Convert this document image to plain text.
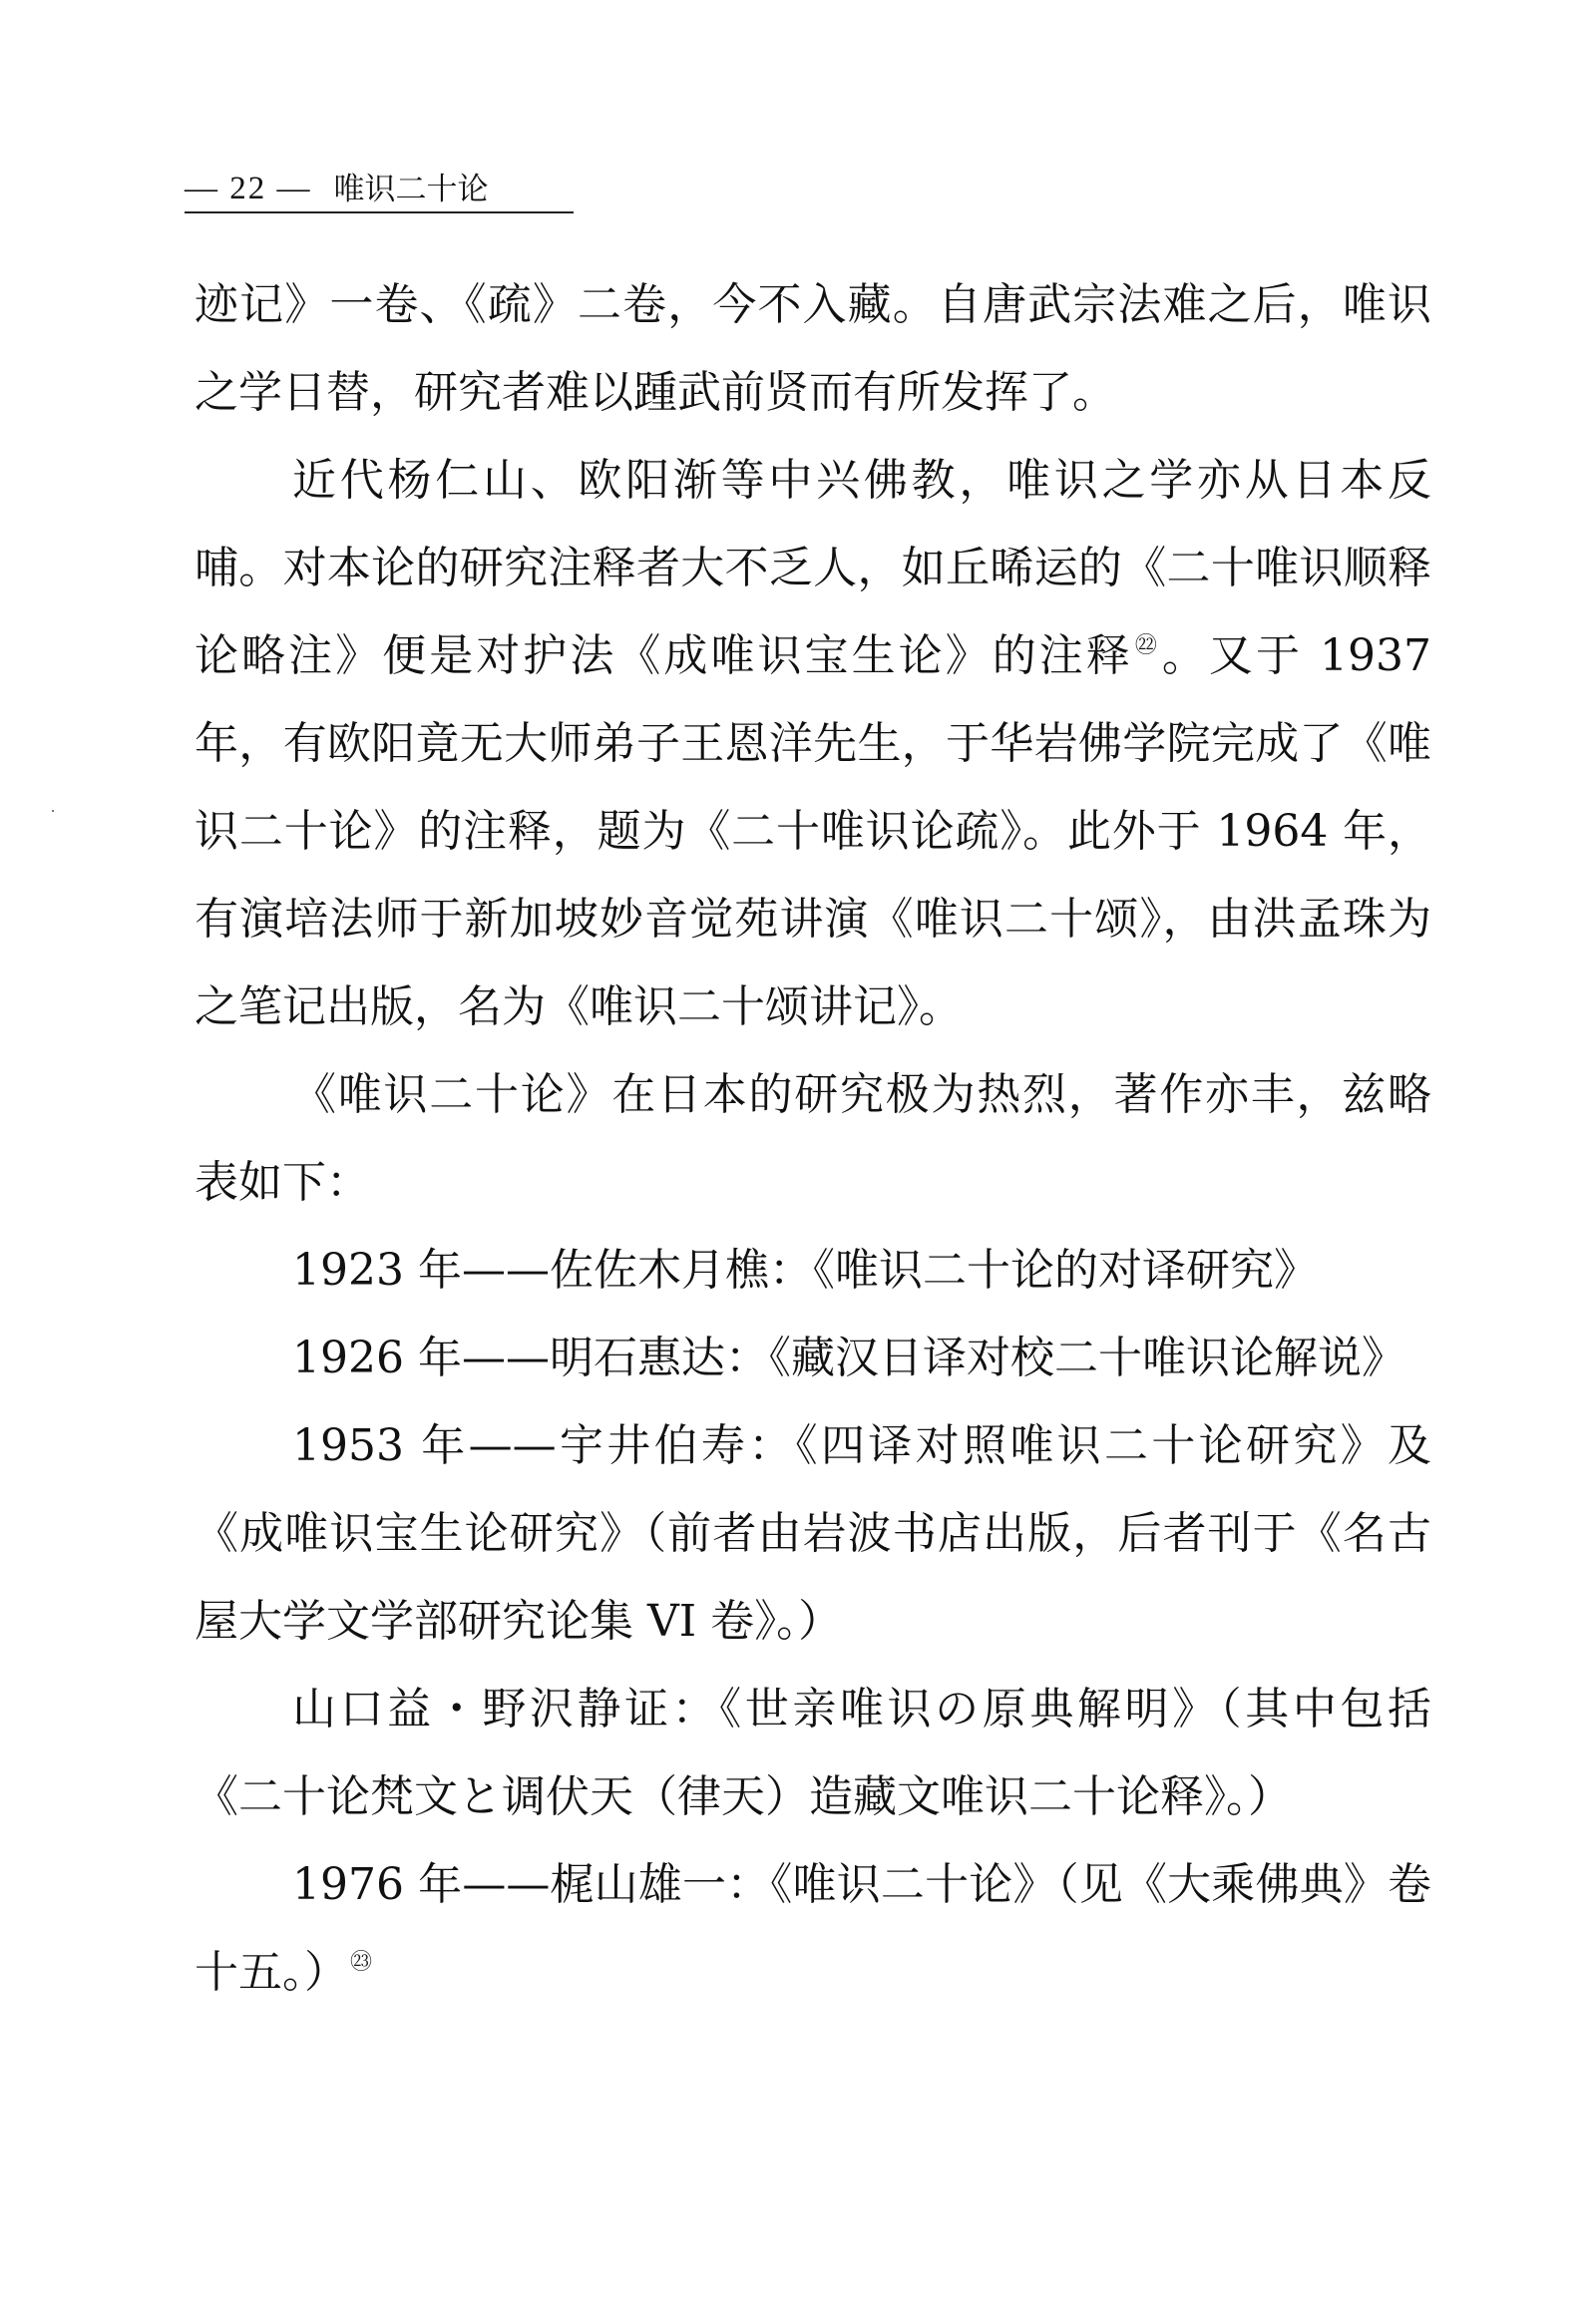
— 22 — 唯识二十论

迹记》一卷、《疏》二卷，今不入藏。自唐武宗法难之后，唯识之学日替，研究者难以踵武前贤而有所发挥了。

近代杨仁山、欧阳渐等中兴佛教，唯识之学亦从日本反哺。对本论的研究注释者大不乏人，如丘晞运的《二十唯识顺释论略注》便是对护法《成唯识宝生论》的注释$^㉒$。又于 1937 年，有欧阳竟无大师弟子王恩洋先生，于华岩佛学院完成了《唯识二十论》的注释，题为《二十唯识论疏》。此外于 1964 年，有演培法师于新加坡妙音觉苑讲演《唯识二十颂》，由洪孟珠为之笔记出版，名为《唯识二十颂讲记》。

《唯识二十论》在日本的研究极为热烈，著作亦丰，兹略表如下：

1923 年——佐佐木月樵：《唯识二十论的对译研究》

1926 年——明石惠达：《藏汉日译对校二十唯识论解说》

1953 年——宇井伯寿：《四译对照唯识二十论研究》及《成唯识宝生论研究》（前者由岩波书店出版，后者刊于《名古屋大学文学部研究论集 VI 卷》。）

山口益・野沢静证：《世亲唯识の原典解明》（其中包括《二十论梵文と调伏天（律天）造藏文唯识二十论释》。）

1976 年——梶山雄一：《唯识二十论》（见《大乘佛典》卷十五。）$^㉓$
